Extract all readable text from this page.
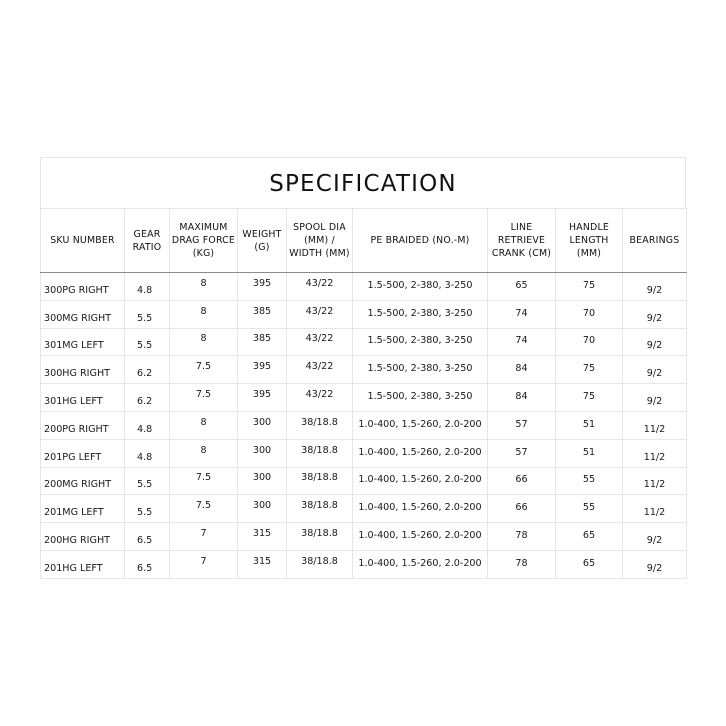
SPECIFICATION
SKU NUMBER	GEAR RATIO	MAXIMUM DRAG FORCE (KG)	WEIGHT (G)	SPOOL DIA (MM) / WIDTH (MM)	PE BRAIDED (NO.-M)	LINE RETRIEVE CRANK (CM)	HANDLE LENGTH (MM)	BEARINGS
300PG RIGHT	4.8	8	395	43/22	1.5-500, 2-380, 3-250	65	75	9/2
300MG RIGHT	5.5	8	385	43/22	1.5-500, 2-380, 3-250	74	70	9/2
301MG LEFT	5.5	8	385	43/22	1.5-500, 2-380, 3-250	74	70	9/2
300HG RIGHT	6.2	7.5	395	43/22	1.5-500, 2-380, 3-250	84	75	9/2
301HG LEFT	6.2	7.5	395	43/22	1.5-500, 2-380, 3-250	84	75	9/2
200PG RIGHT	4.8	8	300	38/18.8	1.0-400, 1.5-260, 2.0-200	57	51	11/2
201PG LEFT	4.8	8	300	38/18.8	1.0-400, 1.5-260, 2.0-200	57	51	11/2
200MG RIGHT	5.5	7.5	300	38/18.8	1.0-400, 1.5-260, 2.0-200	66	55	11/2
201MG LEFT	5.5	7.5	300	38/18.8	1.0-400, 1.5-260, 2.0-200	66	55	11/2
200HG RIGHT	6.5	7	315	38/18.8	1.0-400, 1.5-260, 2.0-200	78	65	9/2
201HG LEFT	6.5	7	315	38/18.8	1.0-400, 1.5-260, 2.0-200	78	65	9/2
